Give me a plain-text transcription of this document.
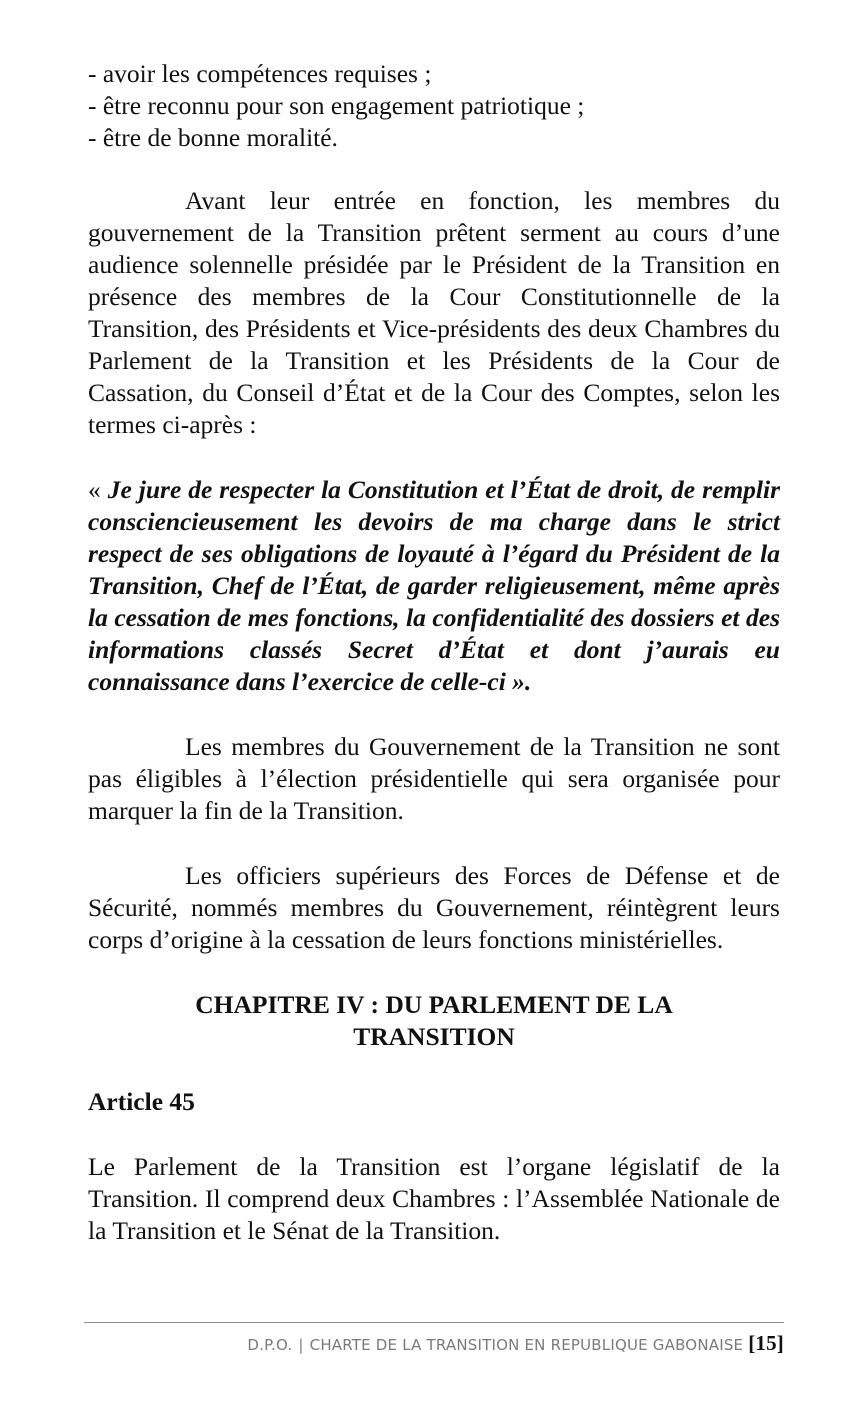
- avoir les compétences requises ;
- être reconnu pour son engagement patriotique ;
- être de bonne moralité.

Avant leur entrée en fonction, les membres du gouvernement de la Transition prêtent serment au cours d’une audience solennelle présidée par le Président de la Transition en présence des membres de la Cour Constitutionnelle de la Transition, des Présidents et Vice-présidents des deux Chambres du Parlement de la Transition et les Présidents de la Cour de Cassation, du Conseil d’État et de la Cour des Comptes, selon les termes ci-après :

« Je jure de respecter la Constitution et l’État de droit, de remplir consciencieusement les devoirs de ma charge dans le strict respect de ses obligations de loyauté à l’égard du Président de la Transition, Chef de l’État, de garder religieusement, même après la cessation de mes fonctions, la confidentialité des dossiers et des informations classés Secret d’État et dont j’aurais eu connaissance dans l’exercice de celle-ci ».

Les membres du Gouvernement de la Transition ne sont pas éligibles à l’élection présidentielle qui sera organisée pour marquer la fin de la Transition.

Les officiers supérieurs des Forces de Défense et de Sécurité, nommés membres du Gouvernement, réintègrent leurs corps d’origine à la cessation de leurs fonctions ministérielles.

CHAPITRE IV : DU PARLEMENT DE LA
TRANSITION
Article 45

Le Parlement de la Transition est l’organe législatif de la Transition. Il comprend deux Chambres : l’Assemblée Nationale de la Transition et le Sénat de la Transition.

D.P.O. | CHARTE DE LA TRANSITION EN REPUBLIQUE GABONAISE [15]
